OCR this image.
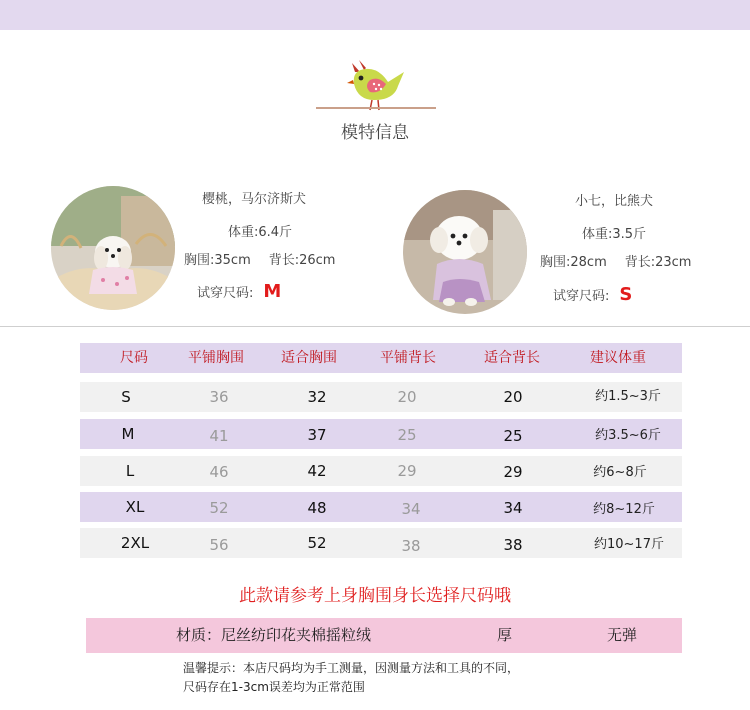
模特信息
樱桃，马尔济斯犬
体重:6.4斤
胸围:35cm 背长:26cm
试穿尺码: M
小七，比熊犬
体重:3.5斤
胸围:28cm 背长:23cm
试穿尺码: S
尺码	平铺胸围	适合胸围	平铺背长	适合背长	建议体重
S	36	32	20	20	约1.5~3斤
M	41	37	25	25	约3.5~6斤
L	46	42	29	29	约6~8斤
XL	52	48	34	34	约8~12斤
2XL	56	52	38	38	约10~17斤
此款请参考上身胸围身长选择尺码哦
材质：尼丝纺印花夹棉摇粒绒	厚	无弹
温馨提示：本店尺码均为手工测量，因测量方法和工具的不同，
尺码存在1-3cm误差均为正常范围
